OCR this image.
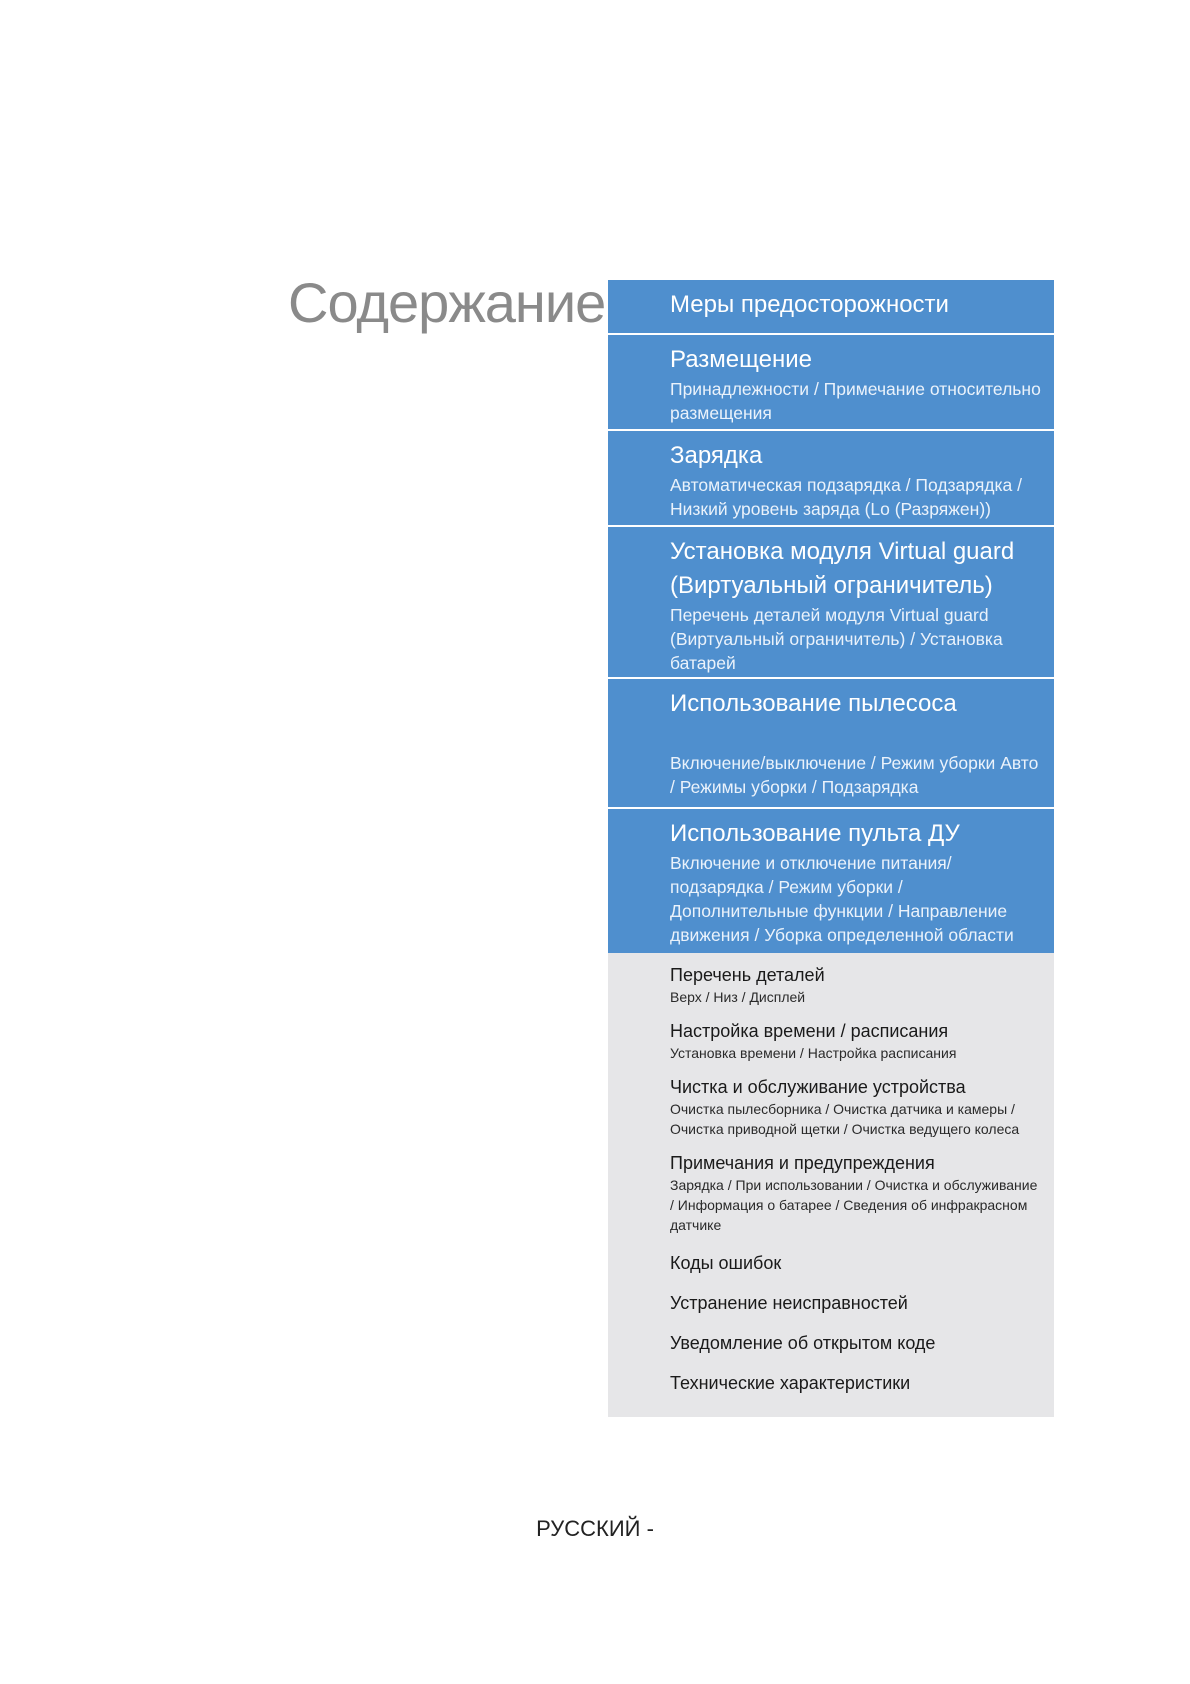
Содержание	Меры предосторожности
Размещение
Принадлежности / Примечание относительно размещения
Зарядка
Автоматическая подзарядка / Подзарядка / Низкий уровень заряда (Lo (Разряжен))
Установка модуля Virtual guard (Виртуальный ограничитель)
Перечень деталей модуля Virtual guard (Виртуальный ограничитель) / Установка батарей
Использование пылесоса
Включение/выключение / Режим уборки Авто / Режимы уборки / Подзарядка
Использование пульта ДУ
Включение и отключение питания/подзарядка / Режим уборки / Дополнительные функции / Направление движения / Уборка определенной области
Перечень деталей
Верх / Низ / Дисплей
Настройка времени / расписания
Установка времени / Настройка расписания
Чистка и обслуживание устройства
Очистка пылесборника / Очистка датчика и камеры / Очистка приводной щетки / Очистка ведущего колеса
Примечания и предупреждения
Зарядка / При использовании / Очистка и обслуживание / Информация о батарее / Сведения об инфракрасном датчике
Коды ошибок
Устранение неисправностей
Уведомление об открытом коде
Технические характеристики
РУССКИЙ -
